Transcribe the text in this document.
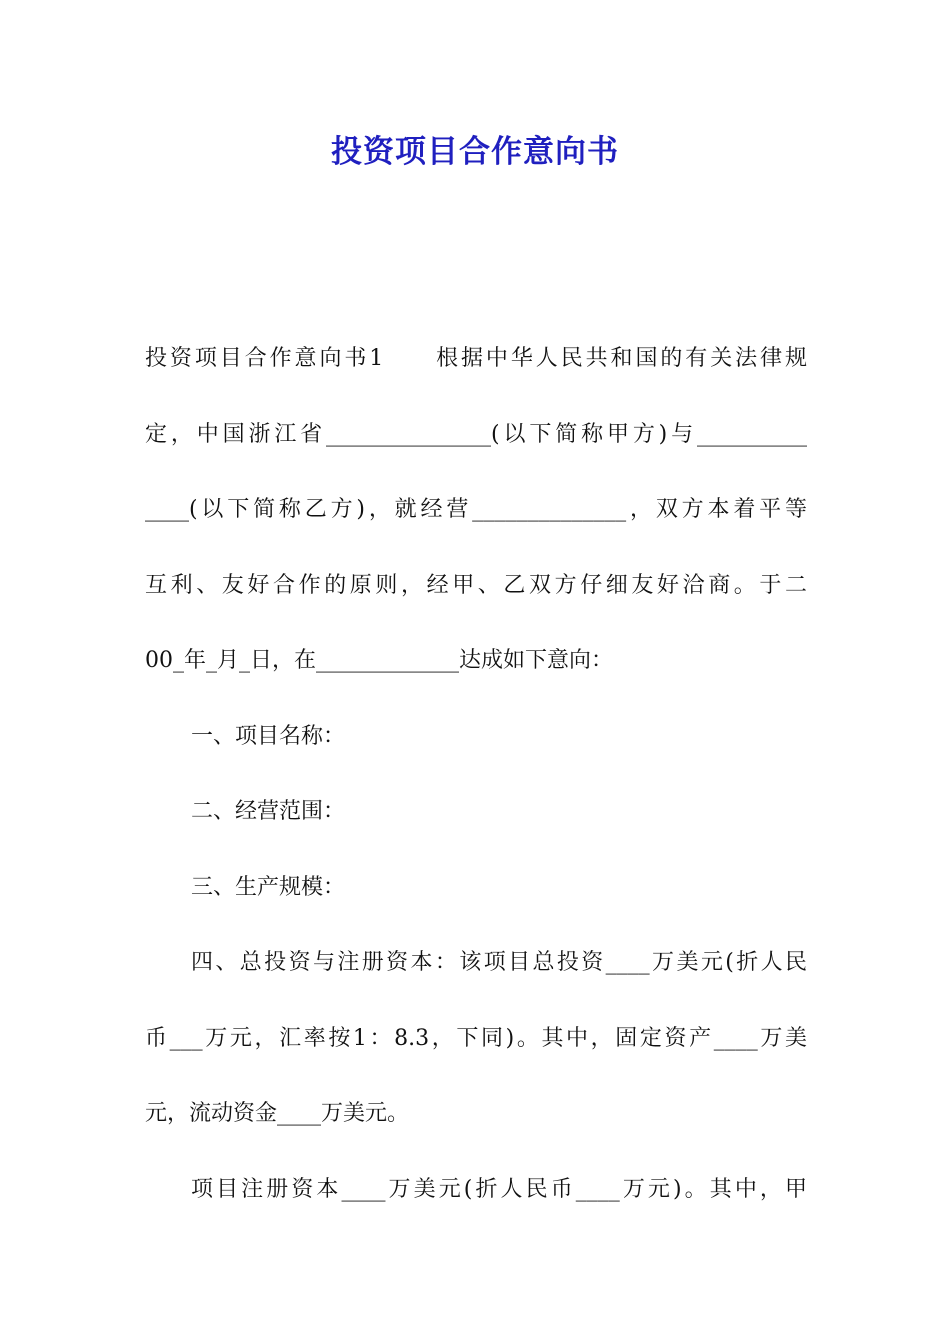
投资项目合作意向书
投资项目合作意向书1　　根据中华人民共和国的有关法律规
定，中国浙江省_______________(以下简称甲方)与__________
____(以下简称乙方)，就经营______________，双方本着平等
互利、友好合作的原则，经甲、乙双方仔细友好洽商。于二
00_年_月_日，在_____________达成如下意向：
一、项目名称：
二、经营范围：
三、生产规模：
四、总投资与注册资本：该项目总投资____万美元(折人民
币___万元，汇率按1：8.3，下同)。其中，固定资产____万美
元，流动资金____万美元。
项目注册资本____万美元(折人民币____万元)。其中，甲
